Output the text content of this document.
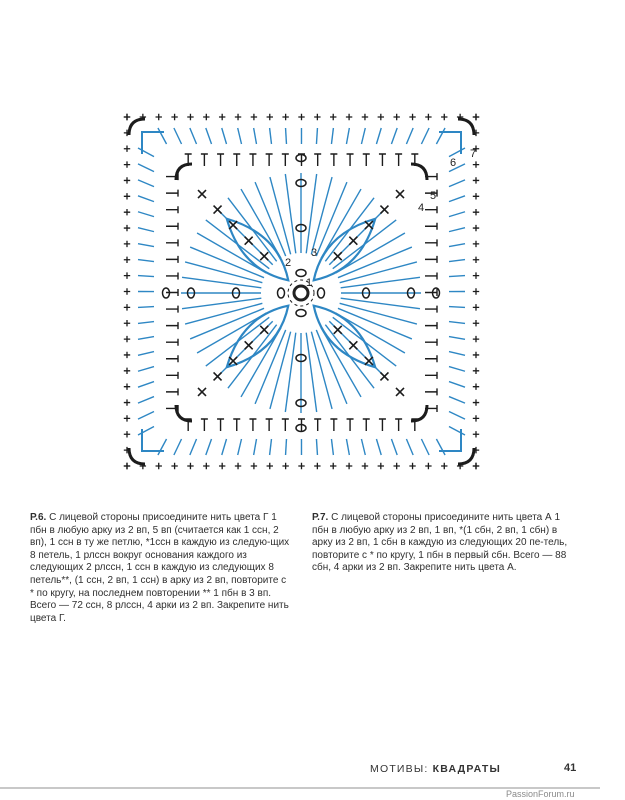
1
2
3
4
5
6
7

Р.6. С лицевой стороны присоедините нить цвета Г 1 пбн в любую арку из 2 вп, 5 вп (считается как 1 ссн, 2 вп), 1 ссн в ту же петлю, *1ссн в каждую из следую-щих 8 петель, 1 рлссн вокруг основания каждого из следующих 2 рлссн, 1 ссн в каждую из следующих 8 петель**, (1 ссн, 2 вп, 1 ссн) в арку из 2 вп, повторите с * по кругу, на последнем повторении ** 1 пбн в 3 вп. Всего — 72 ссн, 8 рлссн, 4 арки из 2 вп. Закрепите нить цвета Г.

Р.7. С лицевой стороны присоедините нить цвета А 1 пбн в любую арку из 2 вп, 1 вп, *(1 сбн, 2 вп, 1 сбн) в арку из 2 вп, 1 сбн в каждую из следующих 20 пе-тель, повторите с * по кругу, 1 пбн в первый сбн. Всего — 88 сбн, 4 арки из 2 вп. Закрепите нить цвета А.

МОТИВЫ: КВАДРАТЫ	41
PassionForum.ru
